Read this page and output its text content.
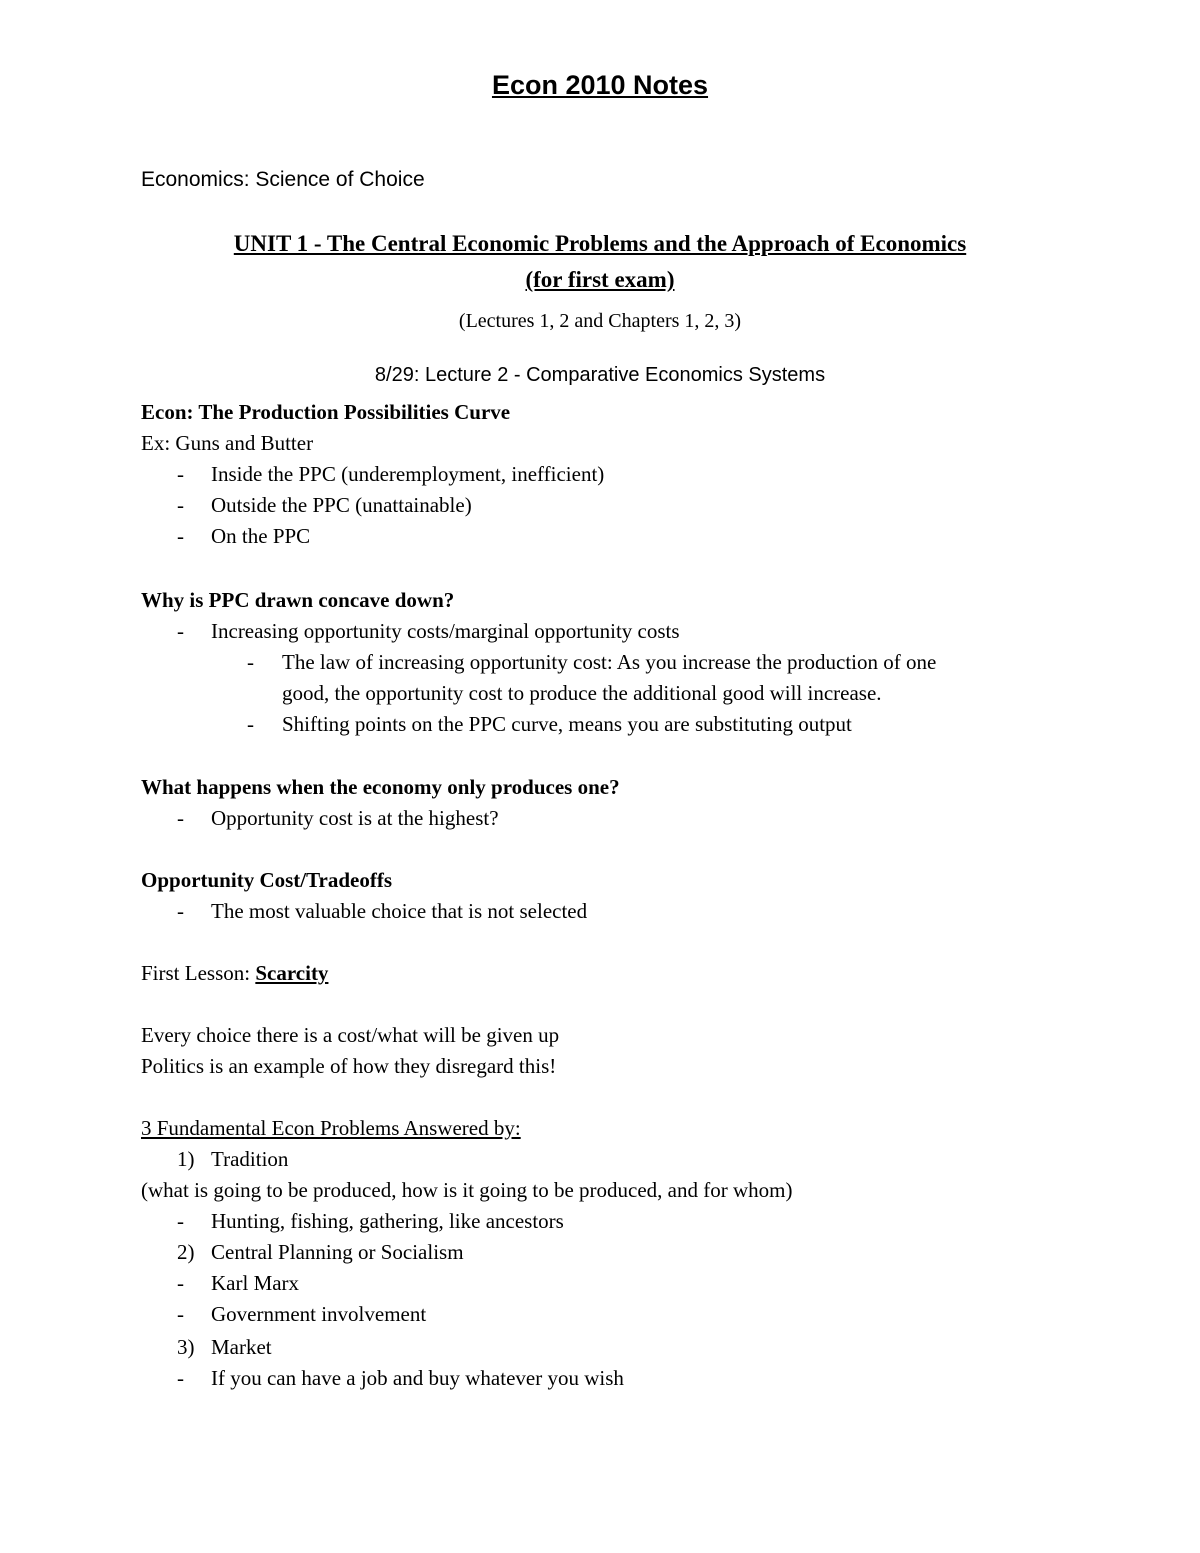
Econ 2010 Notes
Economics: Science of Choice
UNIT 1 - The Central Economic Problems and the Approach of Economics
(for first exam)
(Lectures 1, 2 and Chapters 1, 2, 3)
8/29: Lecture 2 - Comparative Economics Systems
Econ: The Production Possibilities Curve
Ex: Guns and Butter
- Inside the PPC (underemployment, inefficient)
- Outside the PPC (unattainable)
- On the PPC
Why is PPC drawn concave down?
- Increasing opportunity costs/marginal opportunity costs
- The law of increasing opportunity cost: As you increase the production of one
good, the opportunity cost to produce the additional good will increase.
- Shifting points on the PPC curve, means you are substituting output
What happens when the economy only produces one?
- Opportunity cost is at the highest?
Opportunity Cost/Tradeoffs
- The most valuable choice that is not selected
First Lesson: Scarcity
Every choice there is a cost/what will be given up
Politics is an example of how they disregard this!
3 Fundamental Econ Problems Answered by:
1) Tradition
(what is going to be produced, how is it going to be produced, and for whom)
- Hunting, fishing, gathering, like ancestors
2) Central Planning or Socialism
- Karl Marx
- Government involvement
3) Market
- If you can have a job and buy whatever you wish
